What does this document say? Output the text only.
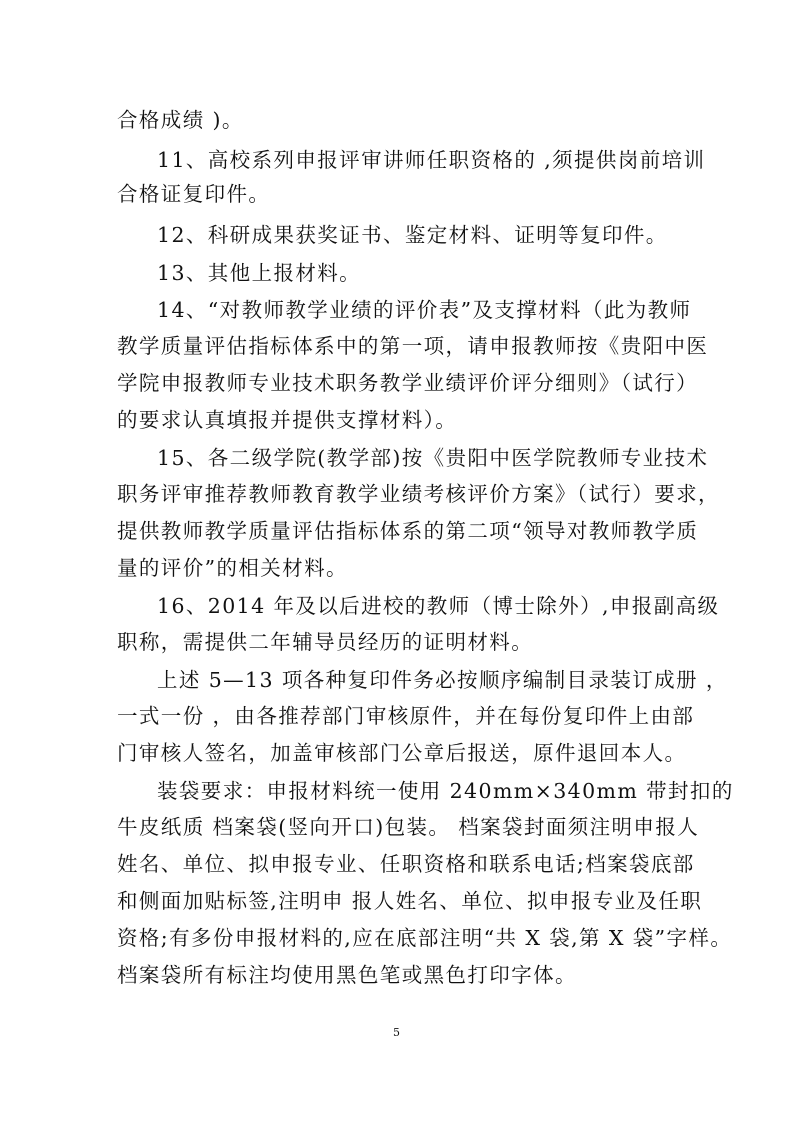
合格成绩 )。
11、高校系列申报评审讲师任职资格的 ,须提供岗前培训
合格证复印件。
12、科研成果获奖证书、鉴定材料、证明等复印件。
13、其他上报材料。
14、“对教师教学业绩的评价表”及支撑材料（此为教师
教学质量评估指标体系中的第一项，请申报教师按《贵阳中医
学院申报教师专业技术职务教学业绩评价评分细则》（试行）
的要求认真填报并提供支撑材料）。
15、各二级学院(教学部)按《贵阳中医学院教师专业技术
职务评审推荐教师教育教学业绩考核评价方案》（试行）要求，
提供教师教学质量评估指标体系的第二项“领导对教师教学质
量的评价”的相关材料。
16、2014 年及以后进校的教师（博士除外）,申报副高级
职称，需提供二年辅导员经历的证明材料。
上述 5—13 项各种复印件务必按顺序编制目录装订成册 ，
一式一份 ，由各推荐部门审核原件，并在每份复印件上由部
门审核人签名，加盖审核部门公章后报送，原件退回本人。
装袋要求：申报材料统一使用 240mm×340mm 带封扣的
牛皮纸质 档案袋(竖向开口)包装。 档案袋封面须注明申报人
姓名、单位、拟申报专业、任职资格和联系电话;档案袋底部
和侧面加贴标签,注明申 报人姓名、单位、拟申报专业及任职
资格;有多份申报材料的,应在底部注明“共 X 袋,第 X 袋”字样。
档案袋所有标注均使用黑色笔或黑色打印字体。
5
